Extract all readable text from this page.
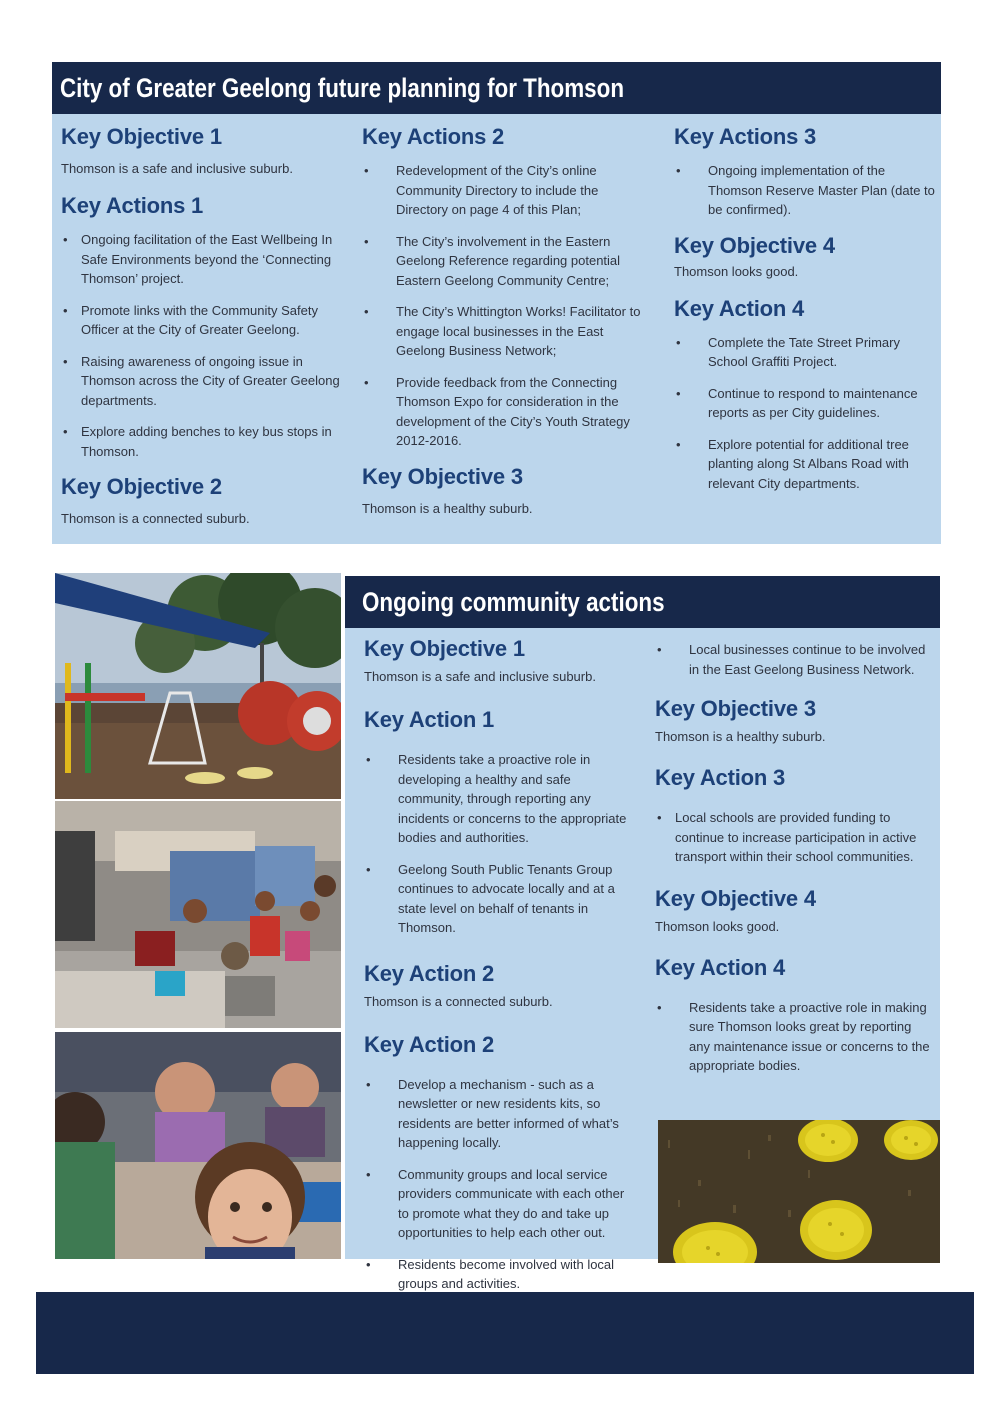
City of Greater Geelong future planning for Thomson
Key Objective 1

Thomson is a safe and inclusive suburb.

Key Actions 1
• Ongoing facilitation of the East Wellbeing In Safe Environments beyond the ‘Connecting Thomson’ project.
• Promote links with the Community Safety Officer at the City of Greater Geelong.
• Raising awareness of ongoing issue in Thomson across the City of Greater Geelong departments.
• Explore adding benches to key bus stops in Thomson.
Key Objective 2

Thomson is a connected suburb.

Key Actions 2
• Redevelopment of the City’s online Community Directory to include the Directory on page 4 of this Plan;
• The City’s involvement in the Eastern Geelong Reference regarding potential Eastern Geelong Community Centre;
• The City’s Whittington Works! Facilitator to engage local businesses in the East Geelong Business Network;
• Provide feedback from the Connecting Thomson Expo for consideration in the development of the City’s Youth Strategy 2012-2016.
Key Objective 3

Thomson is a healthy suburb.

Key Actions 3
• Ongoing implementation of the Thomson Reserve Master Plan (date to be confirmed).
Key Objective 4

Thomson looks good.

Key Action 4
• Complete the Tate Street Primary School Graffiti Project.
• Continue to respond to maintenance reports as per City guidelines.
• Explore potential for additional tree planting along St Albans Road with relevant City departments.
Ongoing community actions
Key Objective 1

Thomson is a safe and inclusive suburb.

Key Action 1
• Residents take a proactive role in developing a healthy and safe community, through reporting any incidents or concerns to the appropriate bodies and authorities.
• Geelong South Public Tenants Group continues to advocate locally and at a state level on behalf of tenants in Thomson.
Key Action 2

Thomson is a connected suburb.

Key Action 2
• Develop a mechanism - such as a newsletter or new residents kits, so residents are better informed of what’s happening locally.
• Community groups and local service providers communicate with each other to promote what they do and take up opportunities to help each other out.
• Residents become involved with local groups and activities.
• Local businesses continue to be involved in the East Geelong Business Network.
Key Objective 3

Thomson is a healthy suburb.

Key Action 3
• Local schools are provided funding to continue to increase participation in active transport within their school communities.
Key Objective 4

Thomson looks good.

Key Action 4
• Residents take a proactive role in making sure Thomson looks great by reporting any maintenance issue or concerns to the appropriate bodies.
